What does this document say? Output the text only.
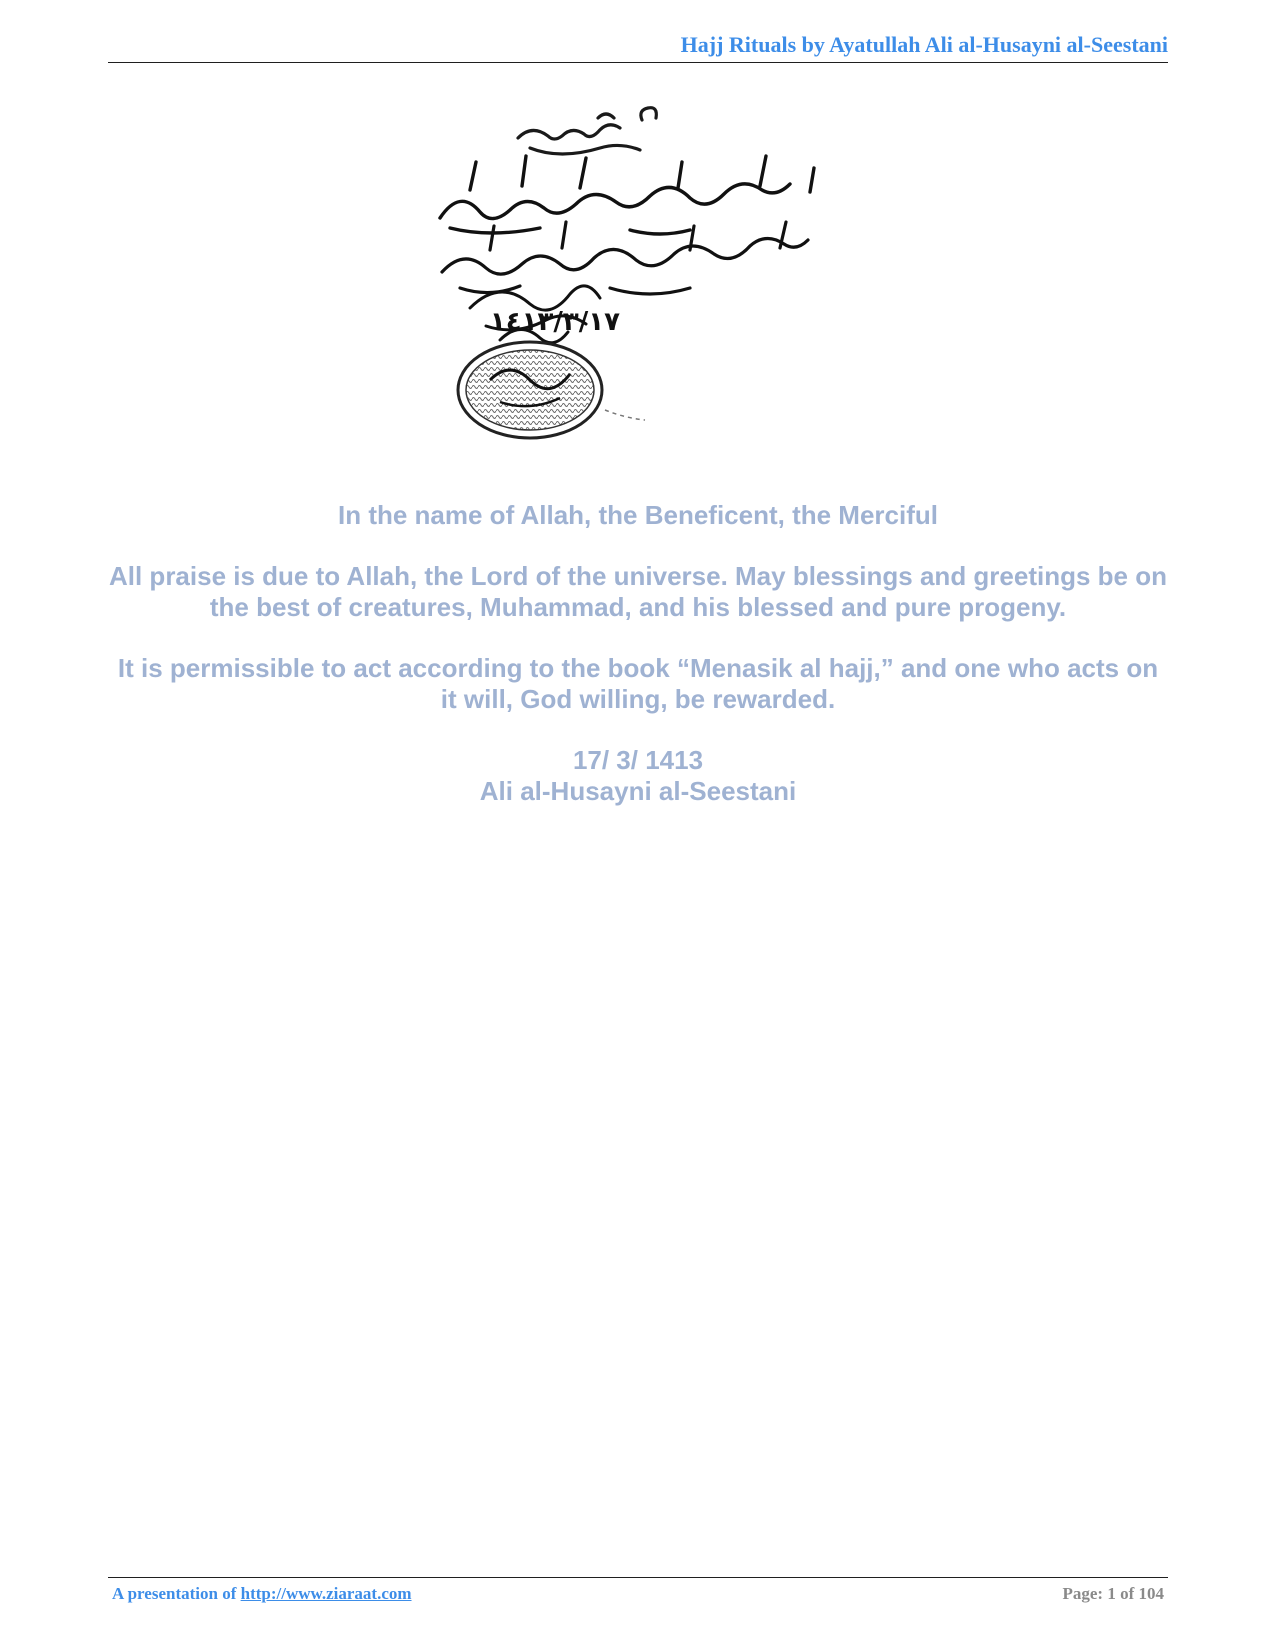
Hajj Rituals by Ayatullah Ali al-Husayni al-Seestani
١٤١٣/٣/١٧
In the name of Allah, the Beneficent, the Merciful
All praise is due to Allah, the Lord of the universe. May blessings and greetings be on the best of creatures, Muhammad, and his blessed and pure progeny.
It is permissible to act according to the book “Menasik al hajj,” and one who acts on it will, God willing, be rewarded.
17/ 3/ 1413
Ali al-Husayni al-Seestani
A presentation of http://www.ziaraat.com	Page: 1 of 104
